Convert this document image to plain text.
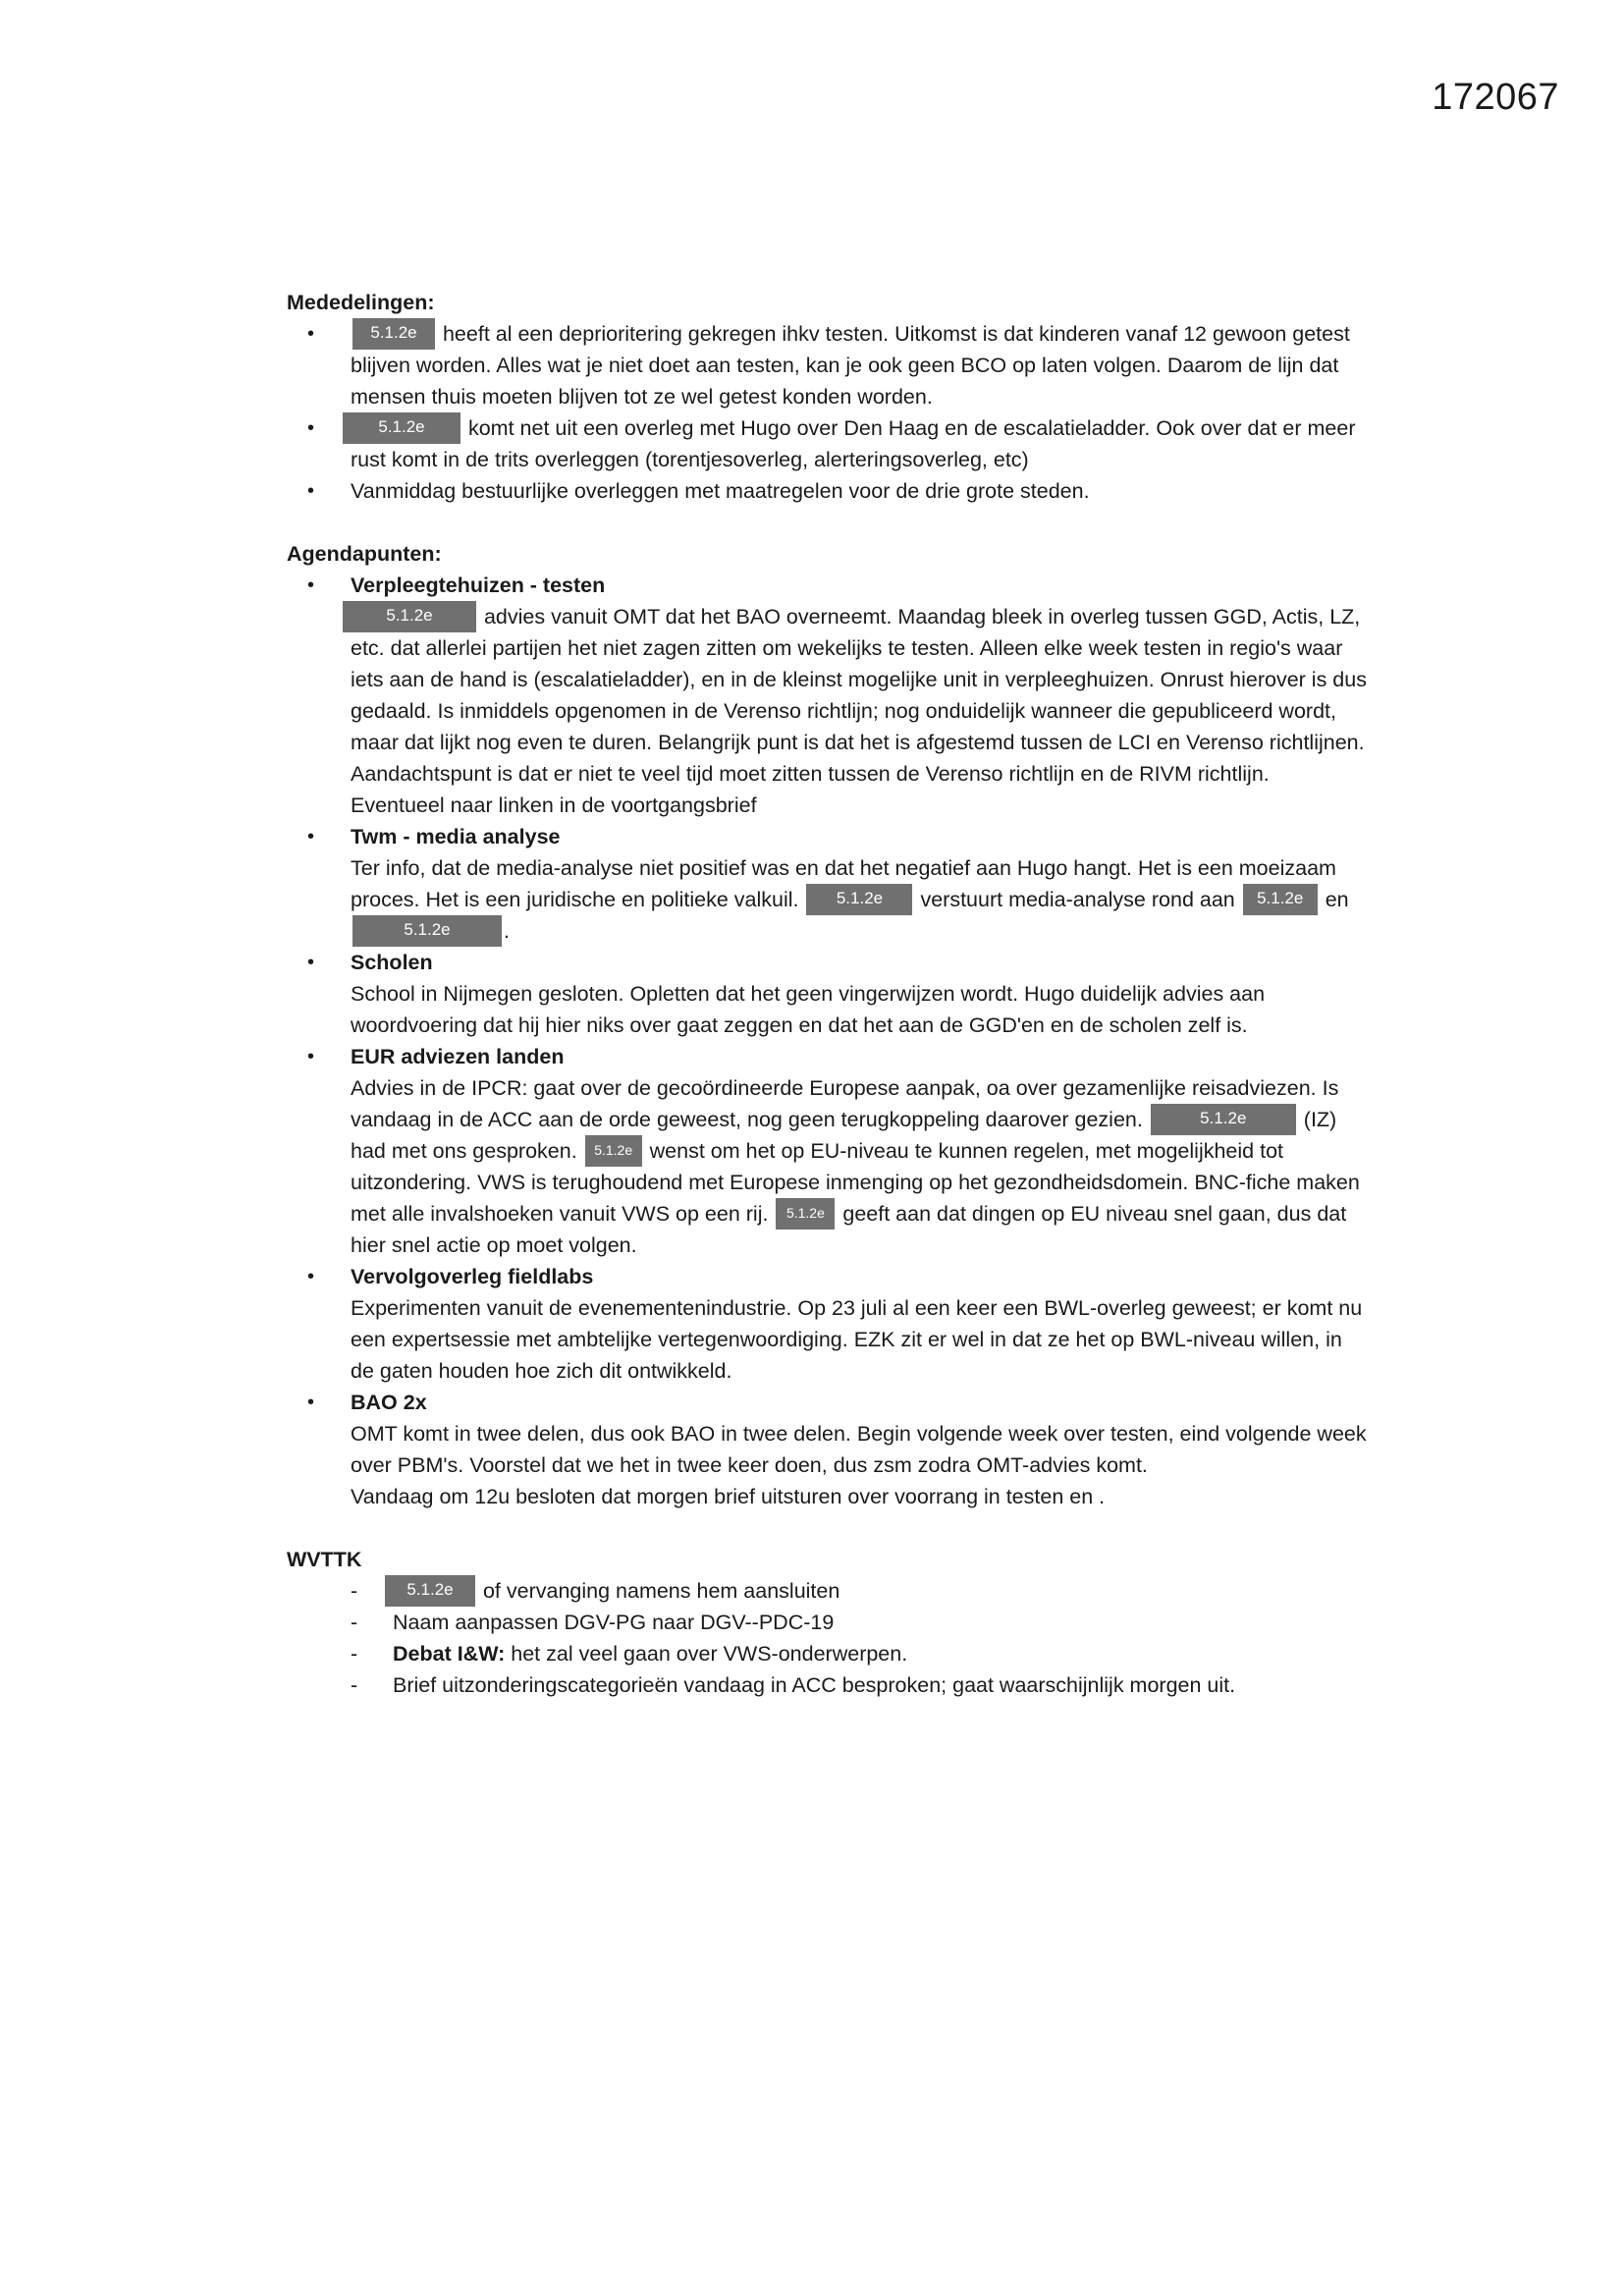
172067
Mededelingen:
• 5.1.2e heeft al een deprioritering gekregen ihkv testen. Uitkomst is dat kinderen vanaf 12 gewoon getest blijven worden. Alles wat je niet doet aan testen, kan je ook geen BCO op laten volgen. Daarom de lijn dat mensen thuis moeten blijven tot ze wel getest konden worden.
• 5.1.2e komt net uit een overleg met Hugo over Den Haag en de escalatieladder. Ook over dat er meer rust komt in de trits overleggen (torentjesoverleg, alerteringsoverleg, etc)
• Vanmiddag bestuurlijke overleggen met maatregelen voor de drie grote steden.
Agendapunten:
• Verpleegtehuizen - testen
5.1.2e advies vanuit OMT dat het BAO overneemt. Maandag bleek in overleg tussen GGD, Actis, LZ, etc. dat allerlei partijen het niet zagen zitten om wekelijks te testen. Alleen elke week testen in regio's waar iets aan de hand is (escalatieladder), en in de kleinst mogelijke unit in verpleeghuizen. Onrust hierover is dus gedaald. Is inmiddels opgenomen in de Verenso richtlijn; nog onduidelijk wanneer die gepubliceerd wordt, maar dat lijkt nog even te duren. Belangrijk punt is dat het is afgestemd tussen de LCI en Verenso richtlijnen. Aandachtspunt is dat er niet te veel tijd moet zitten tussen de Verenso richtlijn en de RIVM richtlijn. Eventueel naar linken in de voortgangsbrief
• Twm - media analyse
Ter info, dat de media-analyse niet positief was en dat het negatief aan Hugo hangt. Het is een moeizaam proces. Het is een juridische en politieke valkuil. 5.1.2e verstuurt media-analyse rond aan 5.1.2e en 5.1.2e	.
• Scholen
School in Nijmegen gesloten. Opletten dat het geen vingerwijzen wordt. Hugo duidelijk advies aan woordvoering dat hij hier niks over gaat zeggen en dat het aan de GGD'en en de scholen zelf is.
• EUR adviezen landen
Advies in de IPCR: gaat over de gecoördineerde Europese aanpak, oa over gezamenlijke reisadviezen. Is vandaag in de ACC aan de orde geweest, nog geen terugkoppeling daarover gezien.	5.1.2e (IZ) had met ons gesproken. 5.1.2e wenst om het op EU-niveau te kunnen regelen, met mogelijkheid tot uitzondering. VWS is terughoudend met Europese inmenging op het gezondheidsdomein. BNC-fiche maken met alle invalshoeken vanuit VWS op een rij. 5.1.2e geeft aan dat dingen op EU niveau snel gaan, dus dat hier snel actie op moet volgen.
• Vervolgoverleg fieldlabs
Experimenten vanuit de evenementenindustrie. Op 23 juli al een keer een BWL-overleg geweest; er komt nu een expertsessie met ambtelijke vertegenwoordiging. EZK zit er wel in dat ze het op BWL-niveau willen, in de gaten houden hoe zich dit ontwikkeld.
• BAO 2x
OMT komt in twee delen, dus ook BAO in twee delen. Begin volgende week over testen, eind volgende week over PBM's. Voorstel dat we het in twee keer doen, dus zsm zodra OMT-advies komt.
Vandaag om 12u besloten dat morgen brief uitsturen over voorrang in testen en .
WVTTK
- 5.1.2e of vervanging namens hem aansluiten
- Naam aanpassen DGV-PG naar DGV--PDC-19
- Debat I&W: het zal veel gaan over VWS-onderwerpen.
- Brief uitzonderingscategorieën vandaag in ACC besproken; gaat waarschijnlijk morgen uit.
